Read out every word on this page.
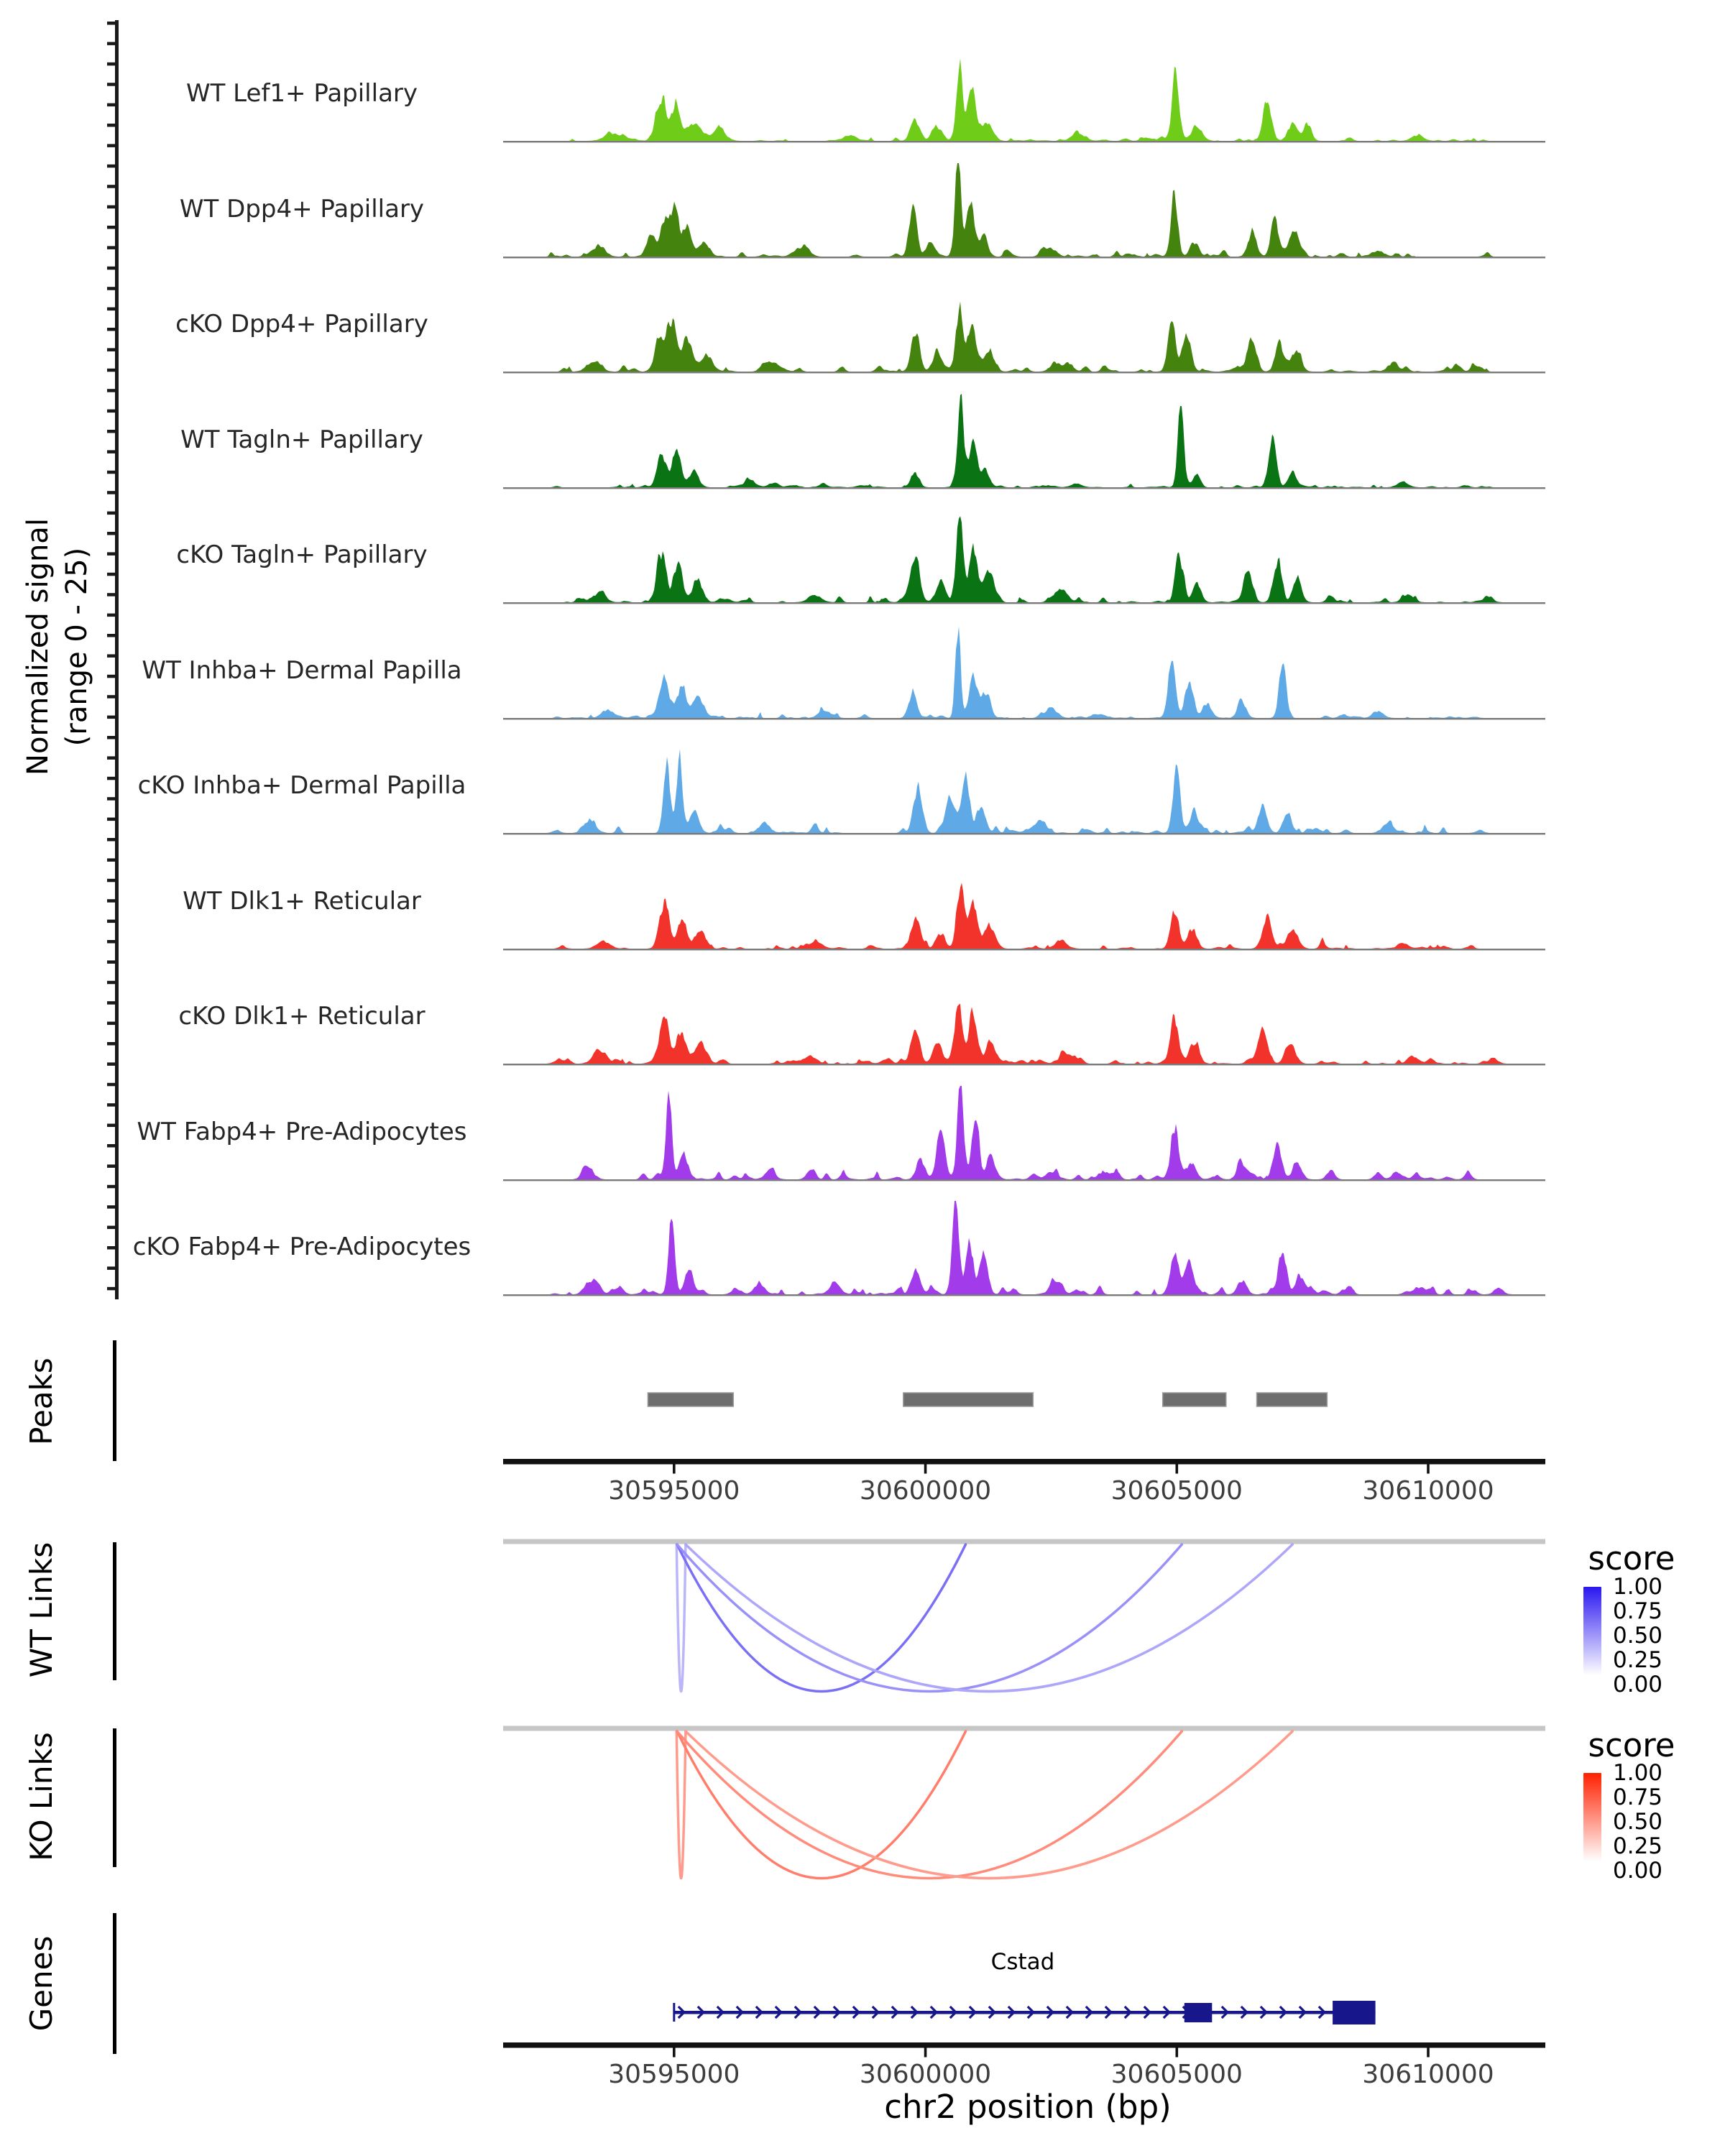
Normalized signal (range 0 - 25)
WT Lef1+ Papillary
WT Dpp4+ Papillary
cKO Dpp4+ Papillary
WT Tagln+ Papillary
cKO Tagln+ Papillary
WT Inhba+ Dermal Papilla
cKO Inhba+ Dermal Papilla
WT Dlk1+ Reticular
cKO Dlk1+ Reticular
WT Fabp4+ Pre-Adipocytes
cKO Fabp4+ Pre-Adipocytes
Peaks
30595000	30600000	30605000	30610000
WT Links	score
1.00
0.75
0.50
0.25
0.00
KO Links	score
1.00
0.75
0.50
0.25
0.00
Genes	Cstad
30595000	30600000	30605000	30610000
chr2 position (bp)
